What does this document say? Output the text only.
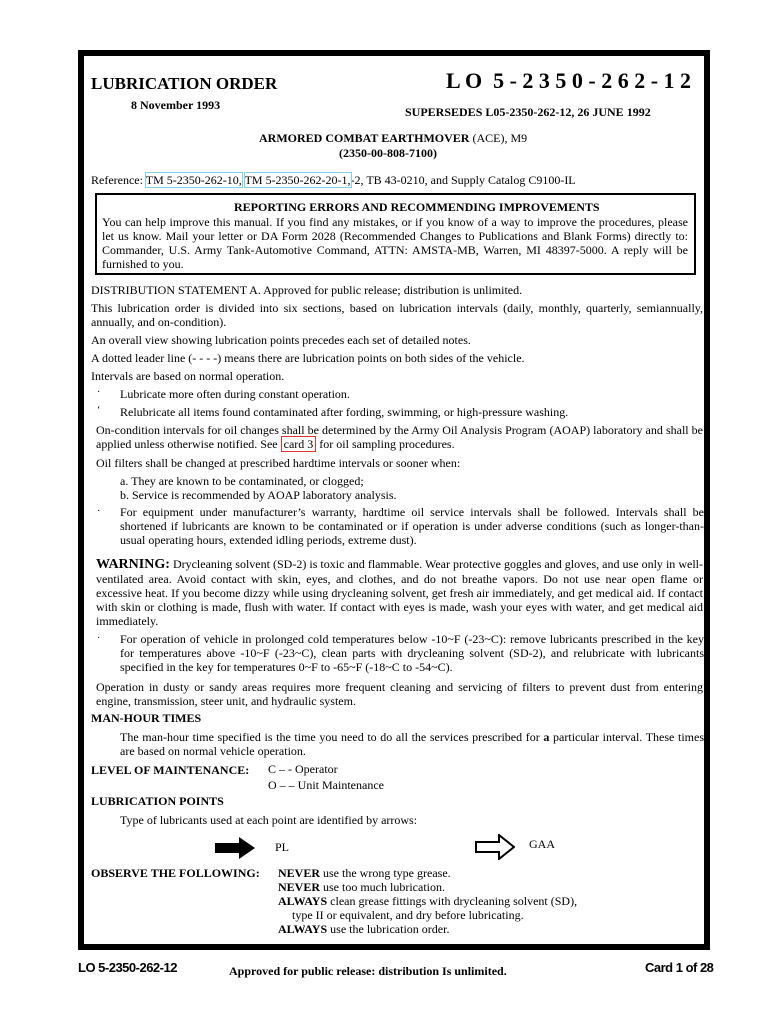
LUBRICATION ORDER
8 November 1993
L O  5 - 2 3 5 0 - 2 6 2 - 1 2
SUPERSEDES L05-2350-262-12, 26 JUNE 1992
ARMORED COMBAT EARTHMOVER (ACE), M9
(2350-00-808-7100)
Reference: TM 5-2350-262-10, TM 5-2350-262-20-1,-2, TB 43-0210, and Supply Catalog C9100-IL
REPORTING ERRORS AND RECOMMENDING IMPROVEMENTS
You can help improve this manual. If you find any mistakes, or if you know of a way to improve the procedures, please let us know. Mail your letter or DA Form 2028 (Recommended Changes to Publications and Blank Forms) directly to: Commander, U.S. Army Tank-Automotive Command, ATTN: AMSTA-MB, Warren, MI 48397-5000. A reply will be furnished to you.
DISTRIBUTION STATEMENT A. Approved for public release; distribution is unlimited.
This lubrication order is divided into six sections, based on lubrication intervals (daily, monthly, quarterly, semiannually, annually, and on-condition).
An overall view showing lubrication points precedes each set of detailed notes.
A dotted leader line (- - - -) means there are lubrication points on both sides of the vehicle.
Intervals are based on normal operation.
· Lubricate more often during constant operation.
‘ Relubricate all items found contaminated after fording, swimming, or high-pressure washing.
On-condition intervals for oil changes shall be determined by the Army Oil Analysis Program (AOAP) laboratory and shall be applied unless otherwise notified. See card 3 for oil sampling procedures.
Oil filters shall be changed at prescribed hardtime intervals or sooner when:
a. They are known to be contaminated, or clogged;
b. Service is recommended by AOAP laboratory analysis.
· For equipment under manufacturer’s warranty, hardtime oil service intervals shall be followed. Intervals shall be shortened if lubricants are known to be contaminated or if operation is under adverse conditions (such as longer-than-usual operating hours, extended idling periods, extreme dust).
WARNING: Drycleaning solvent (SD-2) is toxic and flammable. Wear protective goggles and gloves, and use only in well-ventilated area. Avoid contact with skin, eyes, and clothes, and do not breathe vapors. Do not use near open flame or excessive heat. If you become dizzy while using drycleaning solvent, get fresh air immediately, and get medical aid. If contact with skin or clothing is made, flush with water. If contact with eyes is made, wash your eyes with water, and get medical aid immediately.
· For operation of vehicle in prolonged cold temperatures below -10~F (-23~C): remove lubricants prescribed in the key for temperatures above -10~F (-23~C), clean parts with drycleaning solvent (SD-2), and relubricate with lubricants specified in the key for temperatures 0~F to -65~F (-18~C to -54~C).
Operation in dusty or sandy areas requires more frequent cleaning and servicing of filters to prevent dust from entering engine, transmission, steer unit, and hydraulic system.
MAN-HOUR TIMES
The man-hour time specified is the time you need to do all the services prescribed for a particular interval. These times are based on normal vehicle operation.
LEVEL OF MAINTENANCE: C – - Operator
O – – Unit Maintenance
LUBRICATION POINTS
Type of lubricants used at each point are identified by arrows:
PL	GAA
OBSERVE THE FOLLOWING: NEVER use the wrong type grease.
NEVER use too much lubrication.
ALWAYS clean grease fittings with drycleaning solvent (SD),
type II or equivalent, and dry before lubricating.
ALWAYS use the lubrication order.
LO 5-2350-262-12	Approved for public release: distribution Is unlimited.	Card 1 of 28
